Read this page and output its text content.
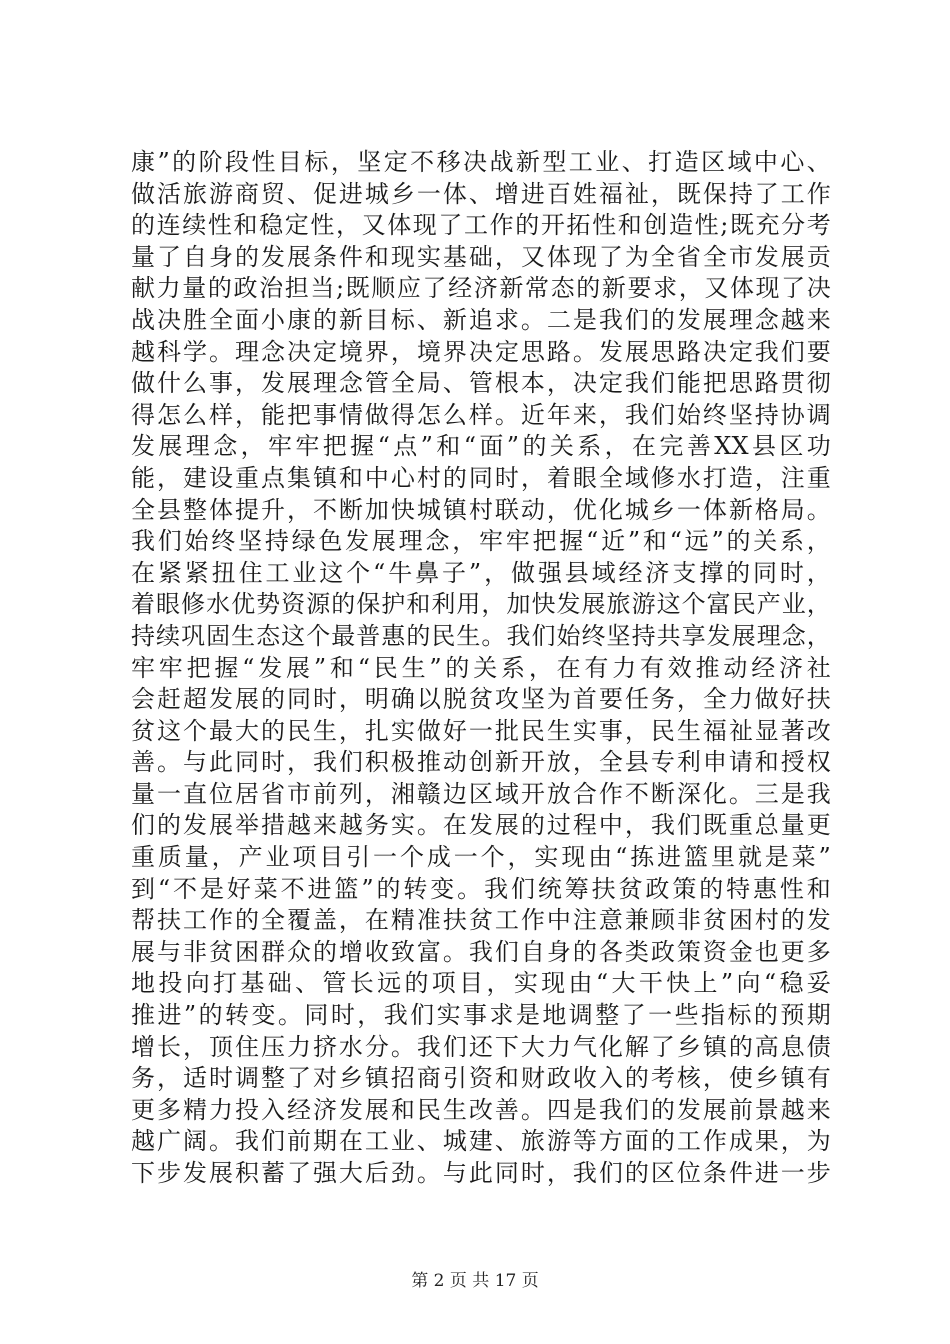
康”的阶段性目标，坚定不移决战新型工业、打造区域中心、
做活旅游商贸、促进城乡一体、增进百姓福祉，既保持了工作
的连续性和稳定性，又体现了工作的开拓性和创造性;既充分考
量了自身的发展条件和现实基础，又体现了为全省全市发展贡
献力量的政治担当;既顺应了经济新常态的新要求，又体现了决
战决胜全面小康的新目标、新追求。二是我们的发展理念越来
越科学。理念决定境界，境界决定思路。发展思路决定我们要
做什么事，发展理念管全局、管根本，决定我们能把思路贯彻
得怎么样，能把事情做得怎么样。近年来，我们始终坚持协调
发展理念，牢牢把握“点”和“面”的关系，在完善XX县区功
能，建设重点集镇和中心村的同时，着眼全域修水打造，注重
全县整体提升，不断加快城镇村联动，优化城乡一体新格局。
我们始终坚持绿色发展理念，牢牢把握“近”和“远”的关系，
在紧紧扭住工业这个“牛鼻子”，做强县域经济支撑的同时，
着眼修水优势资源的保护和利用，加快发展旅游这个富民产业，
持续巩固生态这个最普惠的民生。我们始终坚持共享发展理念，
牢牢把握“发展”和“民生”的关系，在有力有效推动经济社
会赶超发展的同时，明确以脱贫攻坚为首要任务，全力做好扶
贫这个最大的民生，扎实做好一批民生实事，民生福祉显著改
善。与此同时，我们积极推动创新开放，全县专利申请和授权
量一直位居省市前列，湘赣边区域开放合作不断深化。三是我
们的发展举措越来越务实。在发展的过程中，我们既重总量更
重质量，产业项目引一个成一个，实现由“拣进篮里就是菜”
到“不是好菜不进篮”的转变。我们统筹扶贫政策的特惠性和
帮扶工作的全覆盖，在精准扶贫工作中注意兼顾非贫困村的发
展与非贫困群众的增收致富。我们自身的各类政策资金也更多
地投向打基础、管长远的项目，实现由“大干快上”向“稳妥
推进”的转变。同时，我们实事求是地调整了一些指标的预期
增长，顶住压力挤水分。我们还下大力气化解了乡镇的高息债
务，适时调整了对乡镇招商引资和财政收入的考核，使乡镇有
更多精力投入经济发展和民生改善。四是我们的发展前景越来
越广阔。我们前期在工业、城建、旅游等方面的工作成果，为
下步发展积蓄了强大后劲。与此同时，我们的区位条件进一步
第 2 页 共 17 页
